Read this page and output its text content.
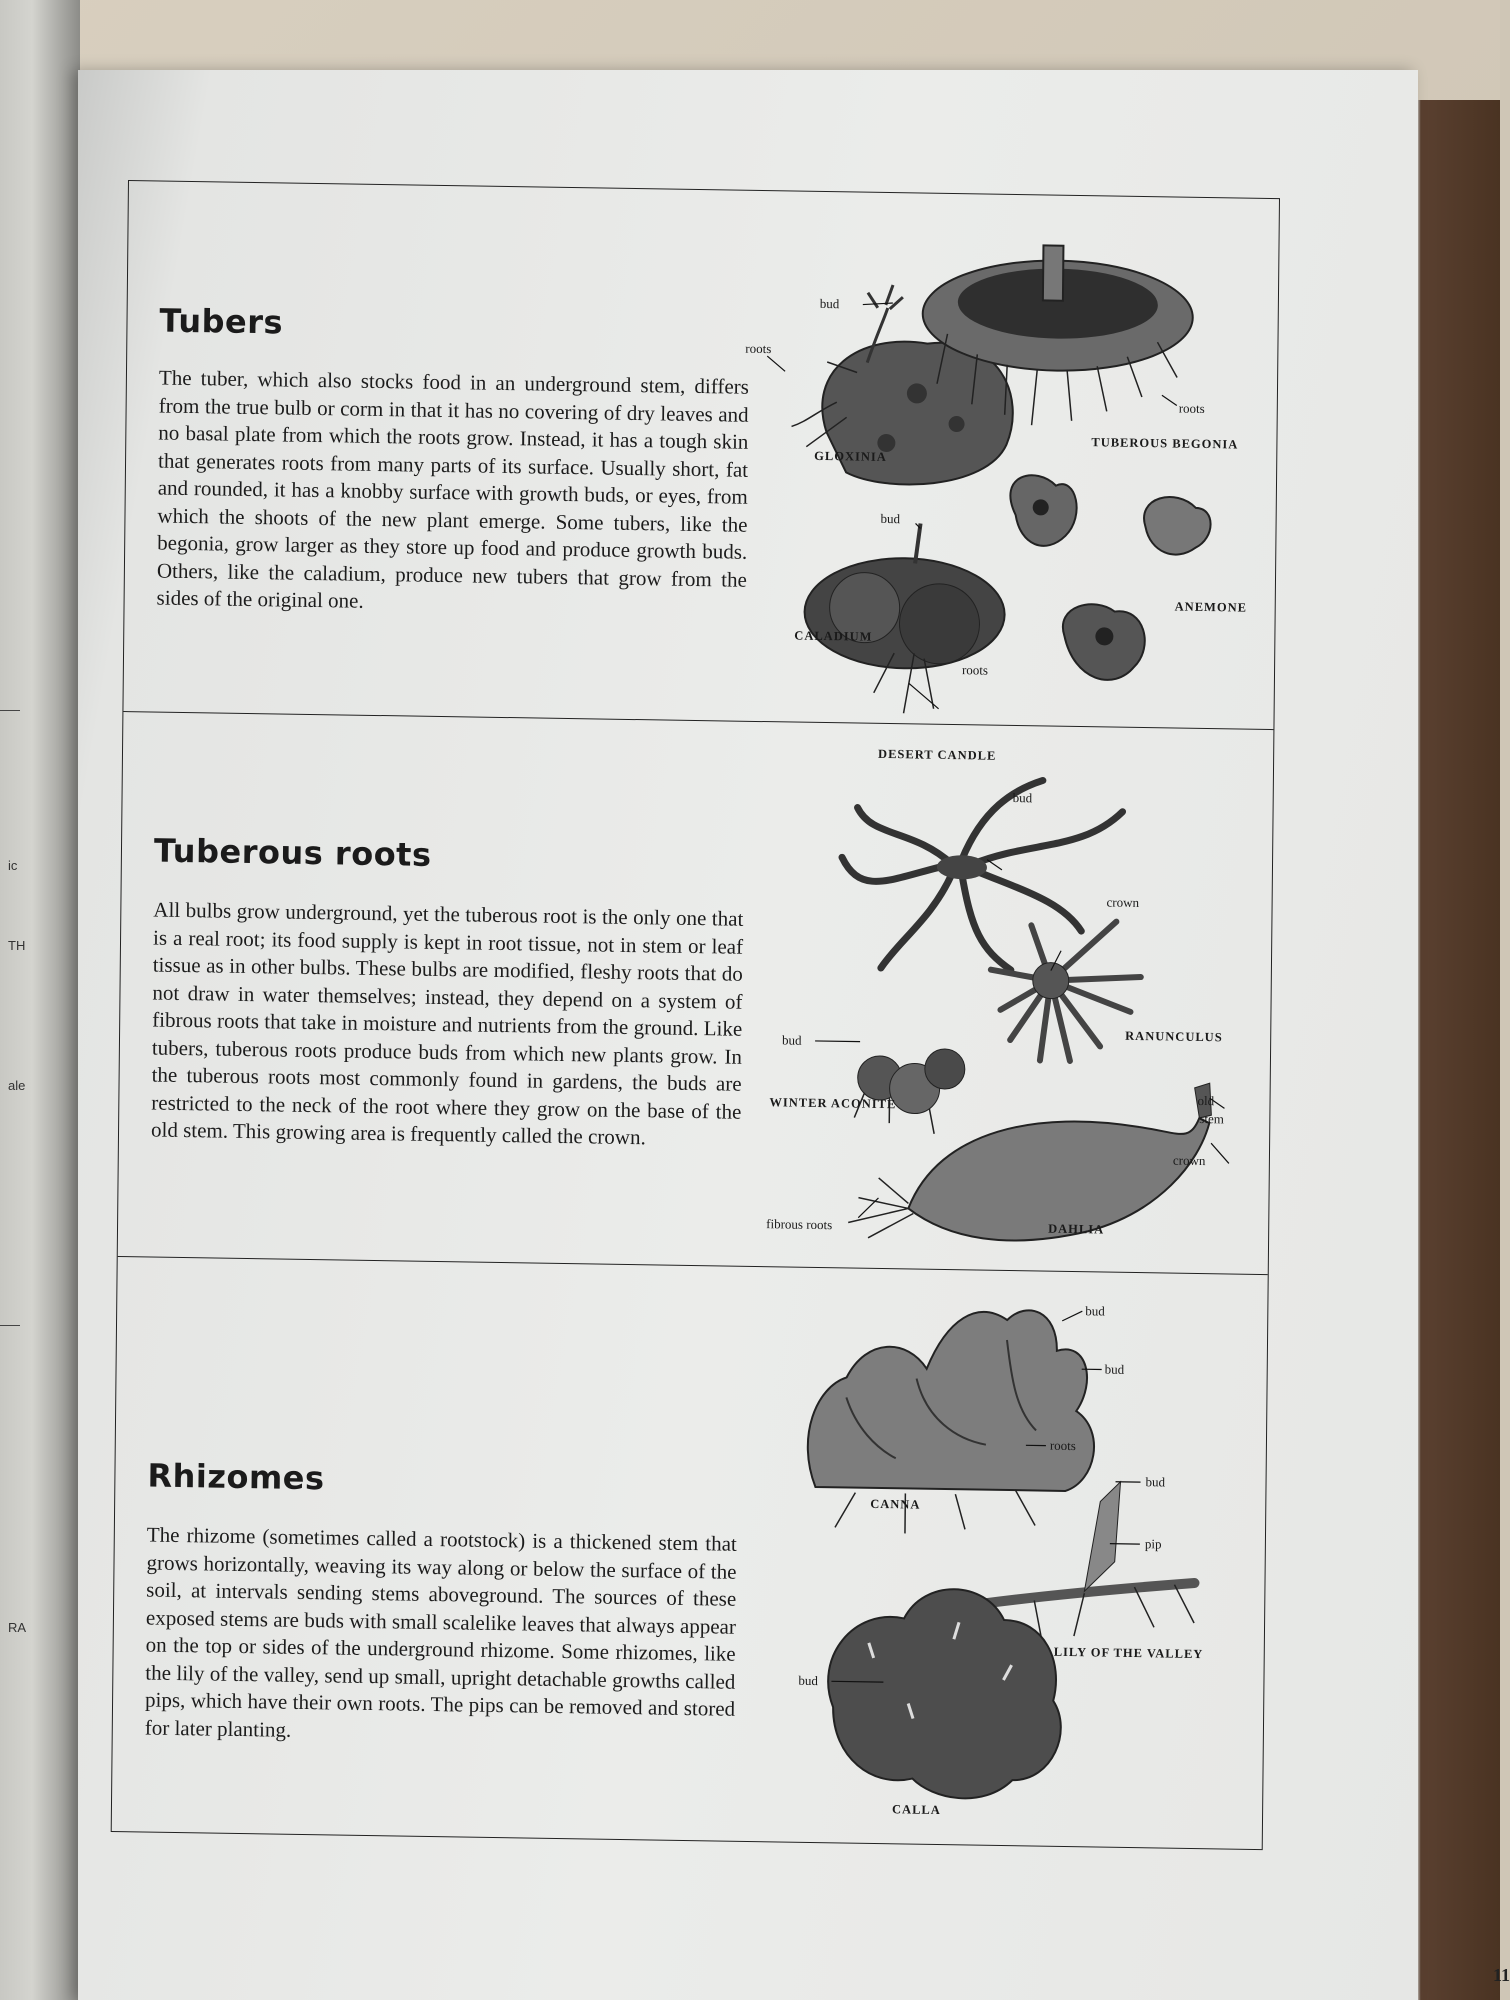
ic
TH
ale
RA
Tubers
The tuber, which also stocks food in an underground stem, differs from the true bulb or corm in that it has no covering of dry leaves and no basal plate from which the roots grow. Instead, it has a tough skin that generates roots from many parts of its surface. Usually short, fat and rounded, it has a knobby surface with growth buds, or eyes, from which the shoots of the new plant emerge. Some tubers, like the begonia, grow larger as they store up food and produce growth buds. Others, like the caladium, produce new tubers that grow from the sides of the original one.
bud
roots
GLOXINIA
roots
TUBEROUS BEGONIA
bud
CALADIUM
roots
ANEMONE
Tuberous roots
All bulbs grow underground, yet the tuberous root is the only one that is a real root; its food supply is kept in root tissue, not in stem or leaf tissue as in other bulbs. These bulbs are modified, fleshy roots that do not draw in water themselves; instead, they depend on a system of fibrous roots that take in moisture and nutrients from the ground. Like tubers, tuberous roots produce buds from which new plants grow. In the tuberous roots most commonly found in gardens, the buds are restricted to the neck of the root where they grow on the base of the old stem. This growing area is frequently called the crown.
DESERT CANDLE
bud
crown
RANUNCULUS
bud
WINTER ACONITE	old
stem
crown
fibrous roots	DAHLIA
Rhizomes
The rhizome (sometimes called a rootstock) is a thickened stem that grows horizontally, weaving its way along or below the surface of the soil, at intervals sending stems aboveground. The sources of these exposed stems are buds with small scalelike leaves that always appear on the top or sides of the underground rhizome. Some rhizomes, like the lily of the valley, send up small, upright detachable growths called pips, which have their own roots. The pips can be removed and stored for later planting.
bud
bud
roots
CANNA
bud
pip
LILY OF THE VALLEY
bud
CALLA
11
